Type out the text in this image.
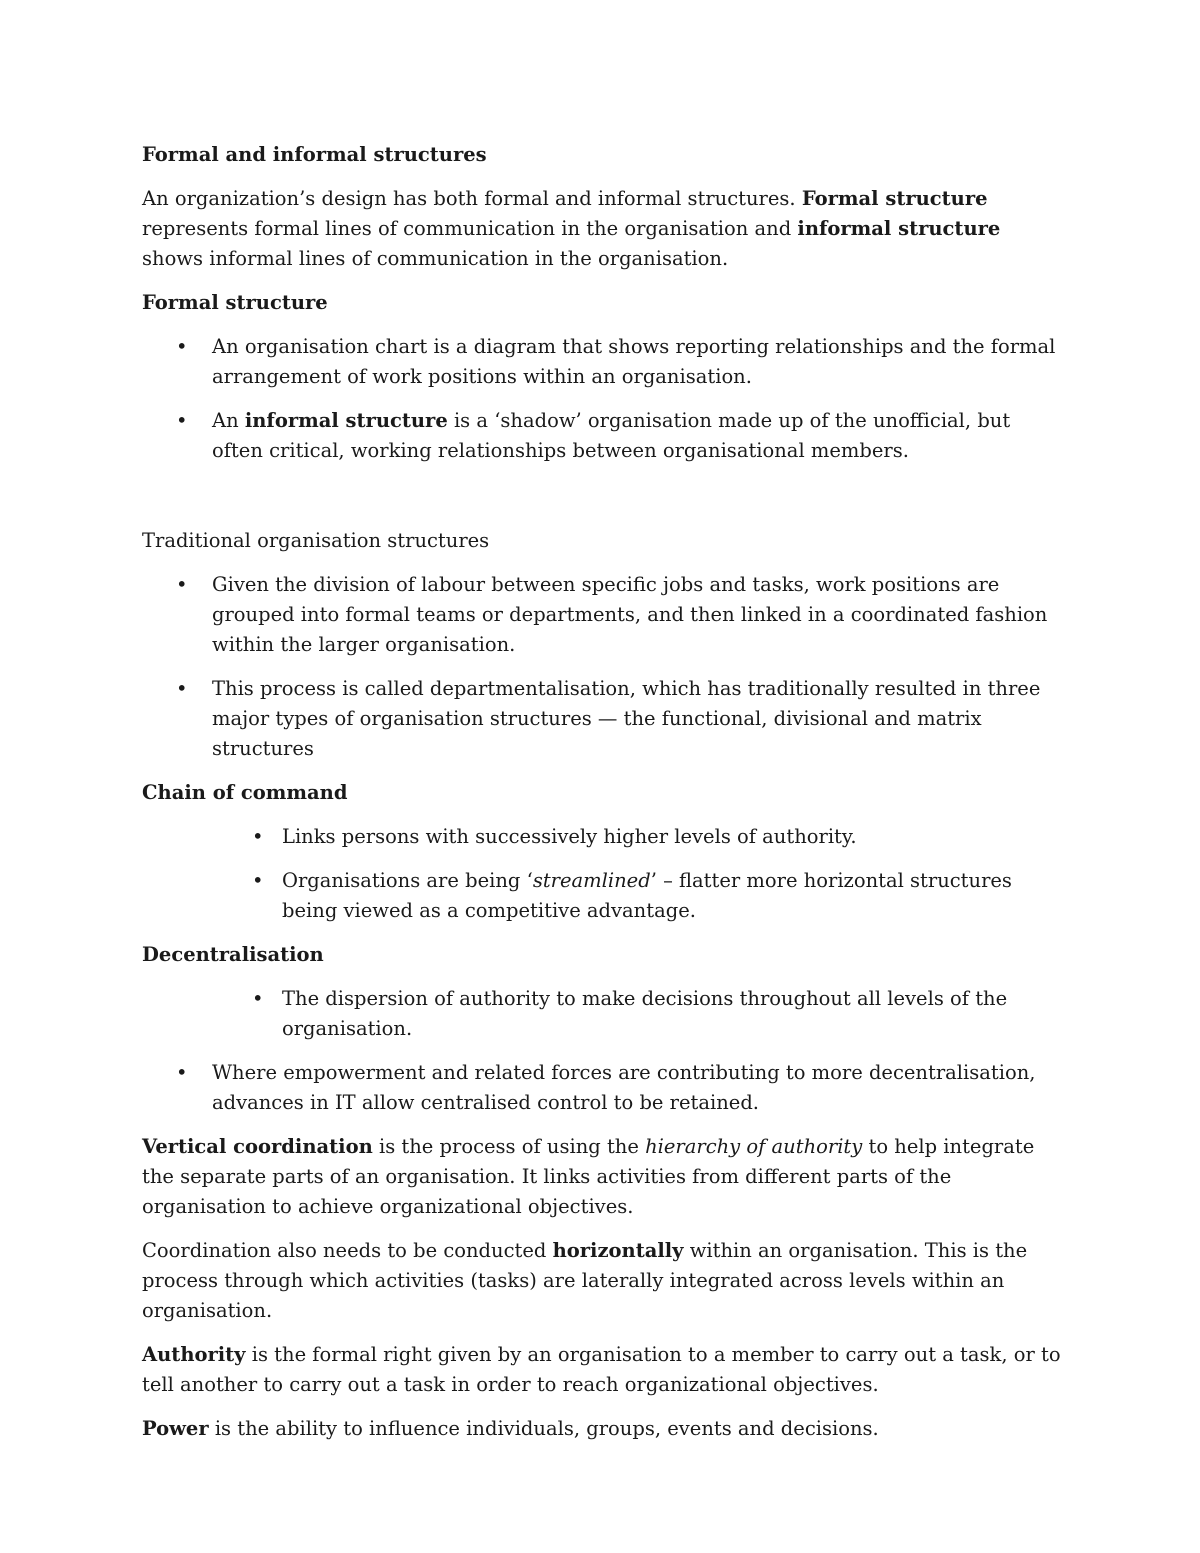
Formal and informal structures

An organization’s design has both formal and informal structures. Formal structure represents formal lines of communication in the organisation and informal structure shows informal lines of communication in the organisation.

Formal structure

• An organisation chart is a diagram that shows reporting relationships and the formal arrangement of work positions within an organisation.
• An informal structure is a ‘shadow’ organisation made up of the unofficial, but often critical, working relationships between organisational members.

Traditional organisation structures

• Given the division of labour between specific jobs and tasks, work positions are grouped into formal teams or departments, and then linked in a coordinated fashion within the larger organisation.
• This process is called departmentalisation, which has traditionally resulted in three major types of organisation structures — the functional, divisional and matrix structures

Chain of command

• Links persons with successively higher levels of authority.
• Organisations are being ‘streamlined’ – flatter more horizontal structures being viewed as a competitive advantage.

Decentralisation

• The dispersion of authority to make decisions throughout all levels of the organisation.
• Where empowerment and related forces are contributing to more decentralisation, advances in IT allow centralised control to be retained.

Vertical coordination is the process of using the hierarchy of authority to help integrate the separate parts of an organisation. It links activities from different parts of the organisation to achieve organizational objectives.

Coordination also needs to be conducted horizontally within an organisation. This is the process through which activities (tasks) are laterally integrated across levels within an organisation.

Authority is the formal right given by an organisation to a member to carry out a task, or to tell another to carry out a task in order to reach organizational objectives.

Power is the ability to influence individuals, groups, events and decisions.
